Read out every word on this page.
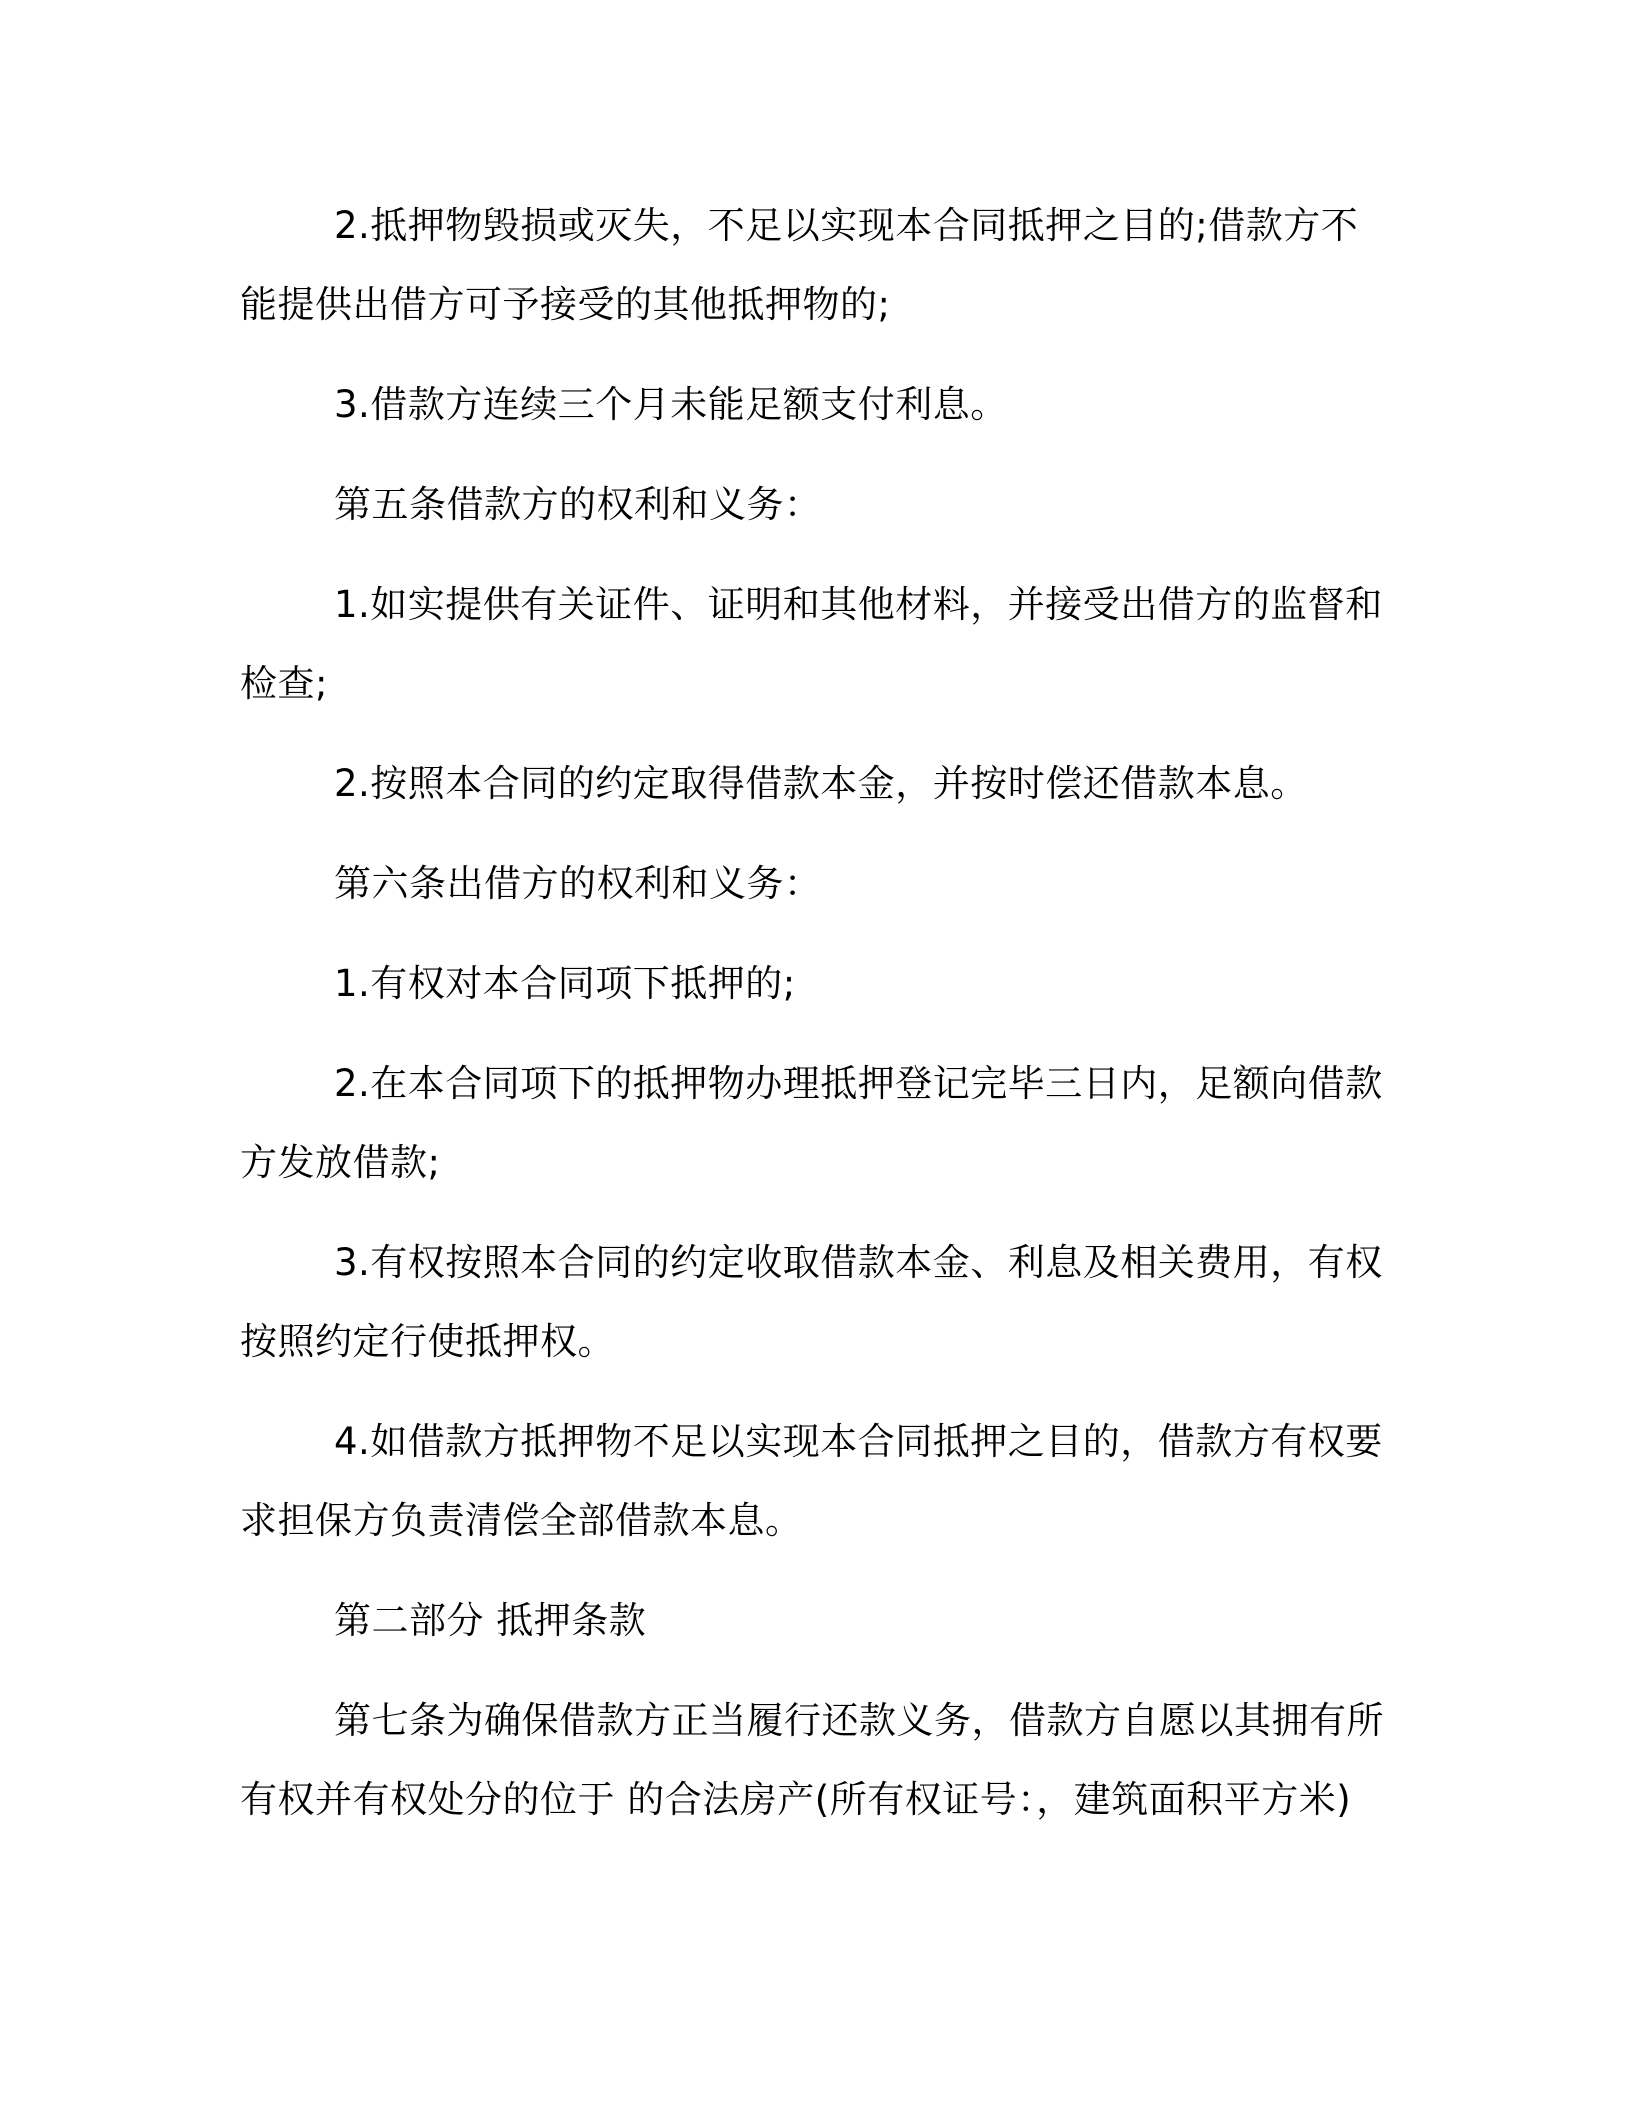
2.抵押物毁损或灭失，不足以实现本合同抵押之目的;借款方不能提供出借方可予接受的其他抵押物的;

3.借款方连续三个月未能足额支付利息。

第五条借款方的权利和义务：

1.如实提供有关证件、证明和其他材料，并接受出借方的监督和检查;

2.按照本合同的约定取得借款本金，并按时偿还借款本息。

第六条出借方的权利和义务：

1.有权对本合同项下抵押的;

2.在本合同项下的抵押物办理抵押登记完毕三日内，足额向借款方发放借款;

3.有权按照本合同的约定收取借款本金、利息及相关费用，有权按照约定行使抵押权。

4.如借款方抵押物不足以实现本合同抵押之目的，借款方有权要求担保方负责清偿全部借款本息。

第二部分 抵押条款

第七条为确保借款方正当履行还款义务，借款方自愿以其拥有所有权并有权处分的位于 的合法房产(所有权证号：，建筑面积平方米)
